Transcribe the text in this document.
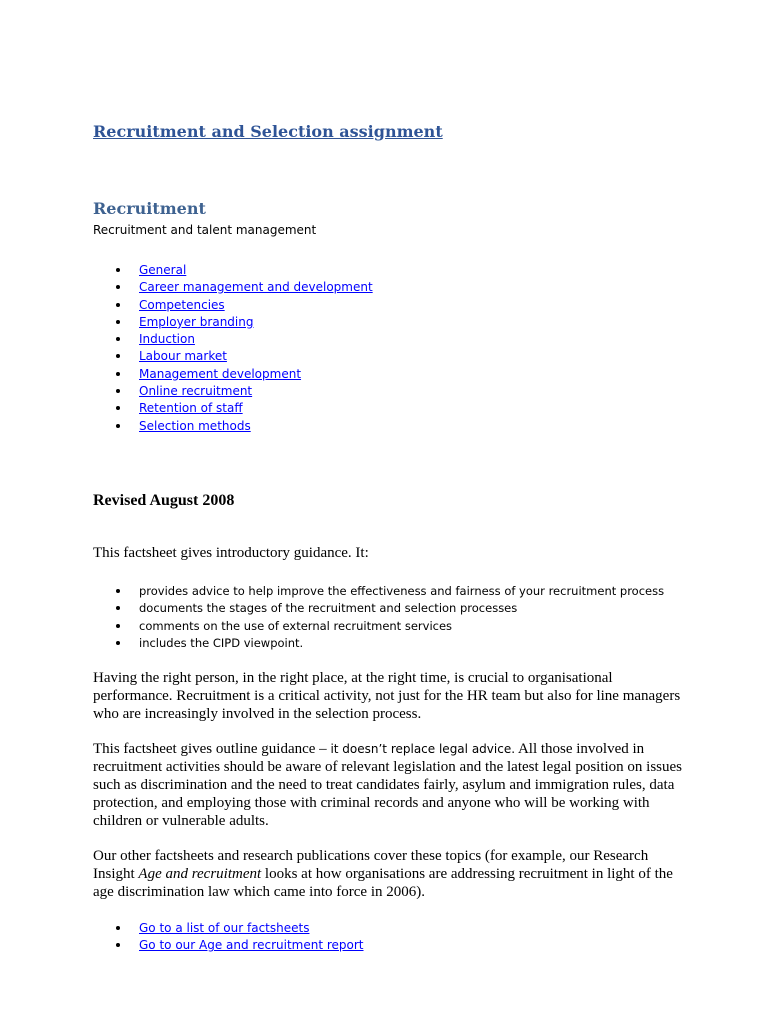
Recruitment and Selection assignment
Recruitment

Recruitment and talent management

General
Career management and development
Competencies
Employer branding
Induction
Labour market
Management development
Online recruitment
Retention of staff
Selection methods
Revised August 2008

This factsheet gives introductory guidance. It:

provides advice to help improve the effectiveness and fairness of your recruitment process
documents the stages of the recruitment and selection processes
comments on the use of external recruitment services
includes the CIPD viewpoint.

Having the right person, in the right place, at the right time, is crucial to organisational performance. Recruitment is a critical activity, not just for the HR team but also for line managers who are increasingly involved in the selection process.

This factsheet gives outline guidance – it doesn’t replace legal advice. All those involved in recruitment activities should be aware of relevant legislation and the latest legal position on issues such as discrimination and the need to treat candidates fairly, asylum and immigration rules, data protection, and employing those with criminal records and anyone who will be working with children or vulnerable adults.

Our other factsheets and research publications cover these topics (for example, our Research Insight Age and recruitment looks at how organisations are addressing recruitment in light of the age discrimination law which came into force in 2006).

Go to a list of our factsheets
Go to our Age and recruitment report
